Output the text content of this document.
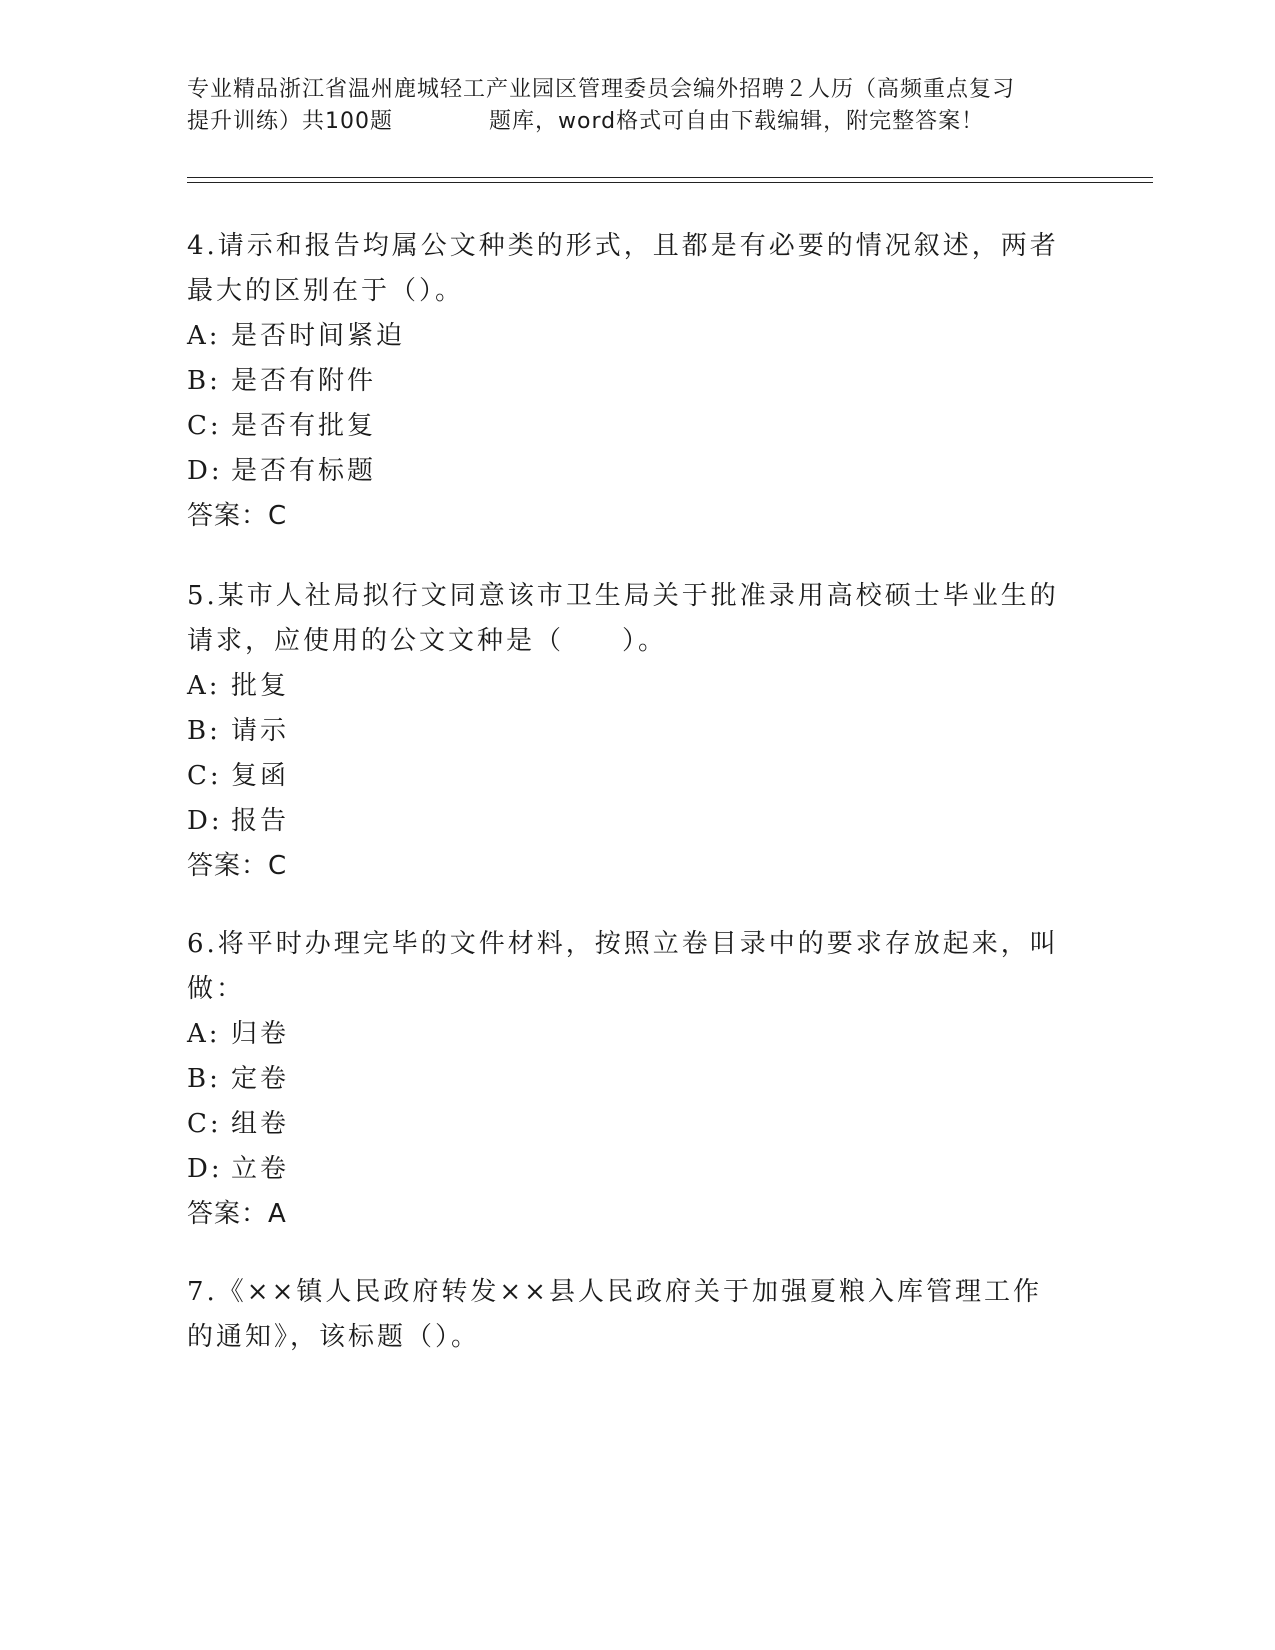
专业精品浙江省温州鹿城轻工产业园区管理委员会编外招聘２人历（高频重点复习
提升训练）共100题	题库，word格式可自由下载编辑，附完整答案！

4.请示和报告均属公文种类的形式，且都是有必要的情况叙述，两者最大的区别在于（）。

A: 是否时间紧迫

B: 是否有附件

C: 是否有批复

D: 是否有标题

答案：C

5.某市人社局拟行文同意该市卫生局关于批准录用高校硕士毕业生的请求，应使用的公文文种是（　　）。

A: 批复

B: 请示

C: 复函

D: 报告

答案：C

6.将平时办理完毕的文件材料，按照立卷目录中的要求存放起来，叫做：

A: 归卷

B: 定卷

C: 组卷

D: 立卷

答案：A

7.《××镇人民政府转发××县人民政府关于加强夏粮入库管理工作的通知》，该标题（）。
